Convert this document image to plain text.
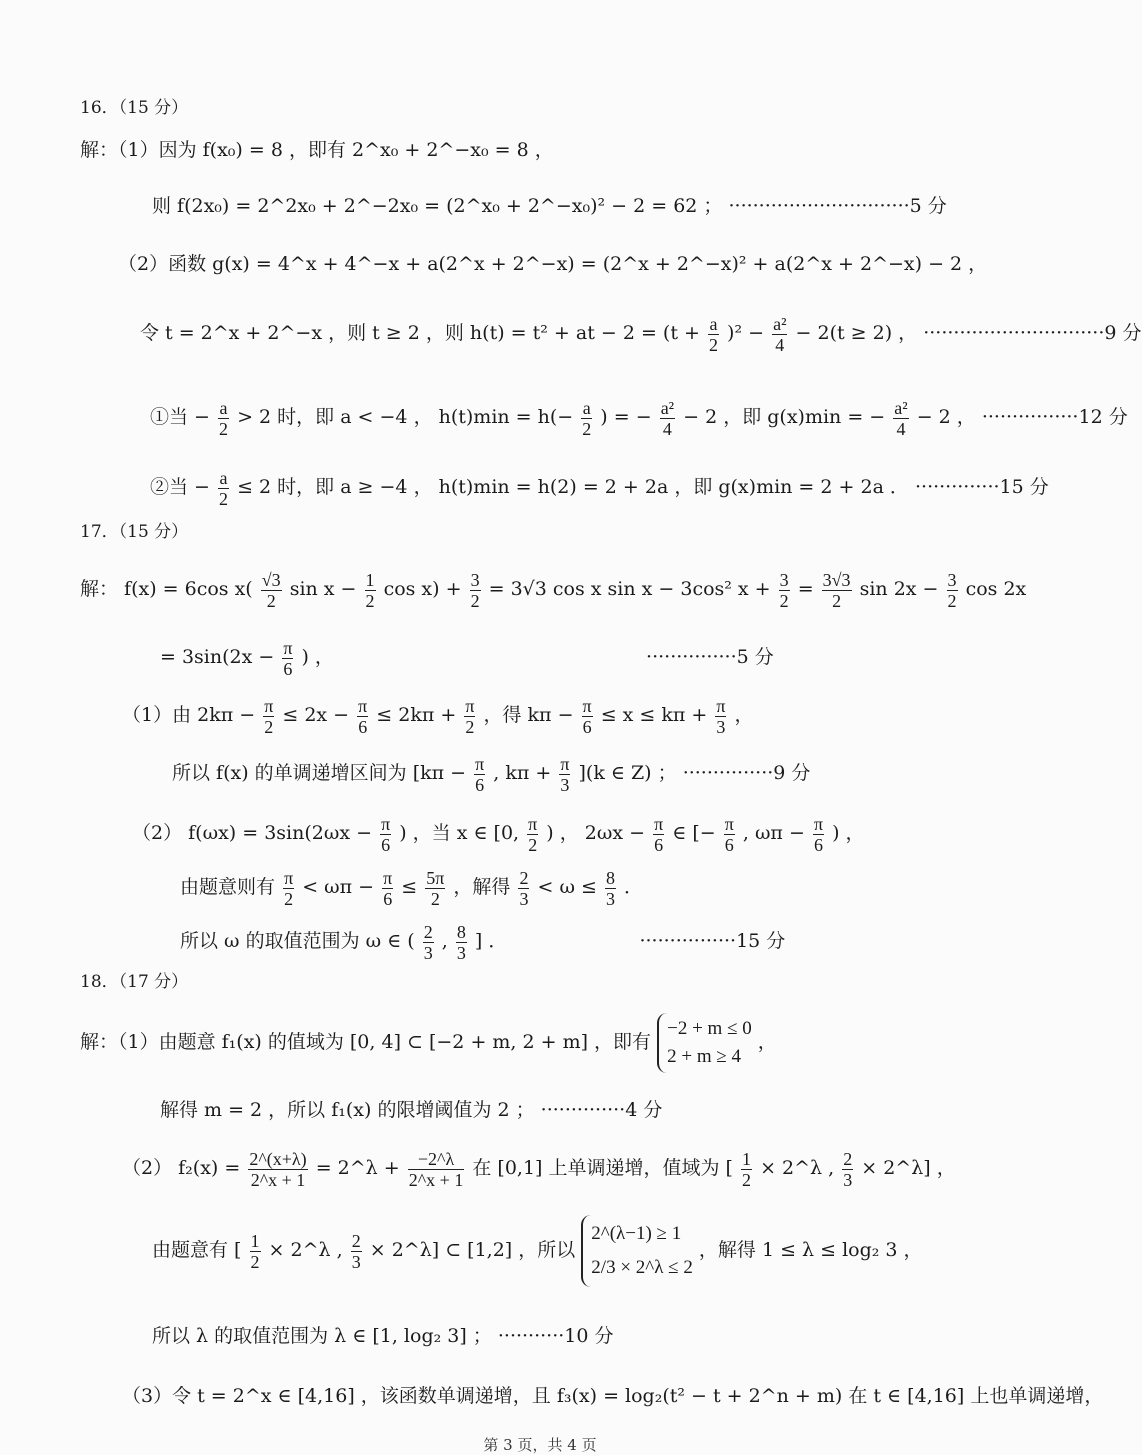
16．（15 分）
解：（1）因为 f(x₀) = 8 ，即有 2^x₀ + 2^−x₀ = 8 ，
则 f(2x₀) = 2^2x₀ + 2^−2x₀ = (2^x₀ + 2^−x₀)² − 2 = 62 ； ······························5 分
（2）函数 g(x) = 4^x + 4^−x + a(2^x + 2^−x) = (2^x + 2^−x)² + a(2^x + 2^−x) − 2 ，
令 t = 2^x + 2^−x ，则 t ≥ 2 ，则 h(t) = t² + at − $2 = (t + \frac{a}{2} )^2 - \frac{\text{a²}}{4} - 2(t \ge 2)$ ， ······························9 分
①当 − $\frac{a}{2} > 2$ 时，即 a < −4 ， $h(t)\min = h(- \frac{a}{2}$ ) = − $\frac{\text{a²}}{4} - 2$ ，即 g(x)min = − $\frac{\text{a²}}{4} - 2$ ， ················12 分
②当 − $\frac{a}{2} \le 2$ 时，即 a ≥ −4 ， h(t)min = h(2) = 2 + 2a ，即 g(x)min = 2 + 2a ． ··············15 分
17．（15 分）
解： f(x) = 6cos $x( \frac{√3}{2}$ $\sin x - \frac{1}{2}$ $\cos x) + \frac{3}{2} = 3√3$ cos x sin x − 3cos² $x + \frac{3}{2} = \frac{3√3}{2}$ $\sin 2x - \frac{3}{2}$ cos 2x
= $3\sin(2x - \frac{\pi}{6}$ ) ，	···············5 分
（1）由 $2k\pi - \frac{\pi}{2} \le 2x - \frac{\pi}{6} \le 2k\pi + \frac{\pi}{2}$ ，得 $k\pi - \frac{\pi}{6} \le x \le k\pi + \frac{\pi}{3}$ ，
所以 f(x) 的单调递增区间为 [$k\pi - \frac{\pi}{6}$ , $k\pi + \frac{\pi}{3} ](k$ ∈ Z) ； ···············9 分
（2） $f(\omega x) = 3\sin(2\omega x - \frac{\pi}{6}$ ) ，当 x ∈ [0, $\frac{\pi}{2}$ ) ， $2\omega x - \frac{\pi}{6}$ ∈ [− $\frac{\pi}{6}$ , $\omega\pi - \frac{\pi}{6}$ ) ，
由题意则有 $\frac{\pi}{2} < \omega\pi - \frac{\pi}{6} \le \frac{5\pi}{2}$ ，解得 $\frac{2}{3} < \omega \le \frac{8}{3}$ ．
所以 ω 的取值范围为 ω ∈ ( $\frac{2}{3}$ , $\frac{8}{3}$ ] ．	················15 分
18．（17 分）
解：（1）由题意 f₁(x) 的值域为 [0, 4] ⊂ [−2 + m, 2 + m] ，即有
−2 + m ≤ 0
2 + m ≥ 4
，
解得 m = 2 ，所以 f₁(x) 的限增阈值为 2 ； ··············4 分
（2） $f_2(x) = \frac{2\^{}(x+\lambda)}{2\^{}x + 1}$ = 2^λ + $\frac{-2\^{}\lambda}{2\^{}x + 1}$ 在 [0,1] 上单调递增，值域为 [ $\frac{1}{2}$ × 2^λ , $\frac{2}{3}$ × 2^λ] ，
由题意有 [ $\frac{1}{2}$ × 2^λ , $\frac{2}{3}$ × 2^λ] ⊂ [1,2] ，所以
2^(λ−1) ≥ 1
2/3 × 2^λ ≤ 2
，解得 1 ≤ λ ≤ log₂ 3 ，
所以 λ 的取值范围为 λ ∈ [1, log₂ 3] ； ···········10 分
（3）令 t = 2^x ∈ [4,16] ，该函数单调递增，且 f₃(x) = log₂(t² − t + 2^n + m) 在 t ∈ [4,16] 上也单调递增，
第 3 页，共 4 页
